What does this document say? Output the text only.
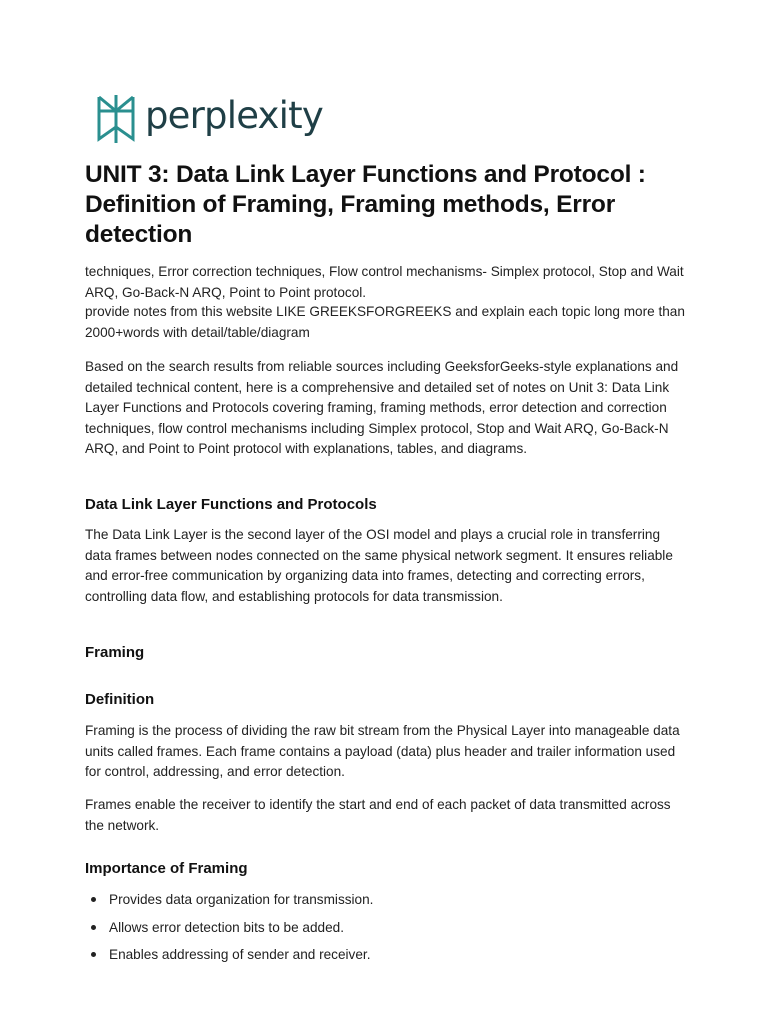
perplexity
UNIT 3: Data Link Layer Functions and Protocol : Definition of Framing, Framing methods, Error detection

techniques, Error correction techniques, Flow control mechanisms- Simplex protocol, Stop and Wait ARQ, Go-Back-N ARQ, Point to Point protocol.

provide notes from this website LIKE GREEKSFORGREEKS and explain each topic long more than 2000+words with detail/table/diagram

Based on the search results from reliable sources including GeeksforGeeks-style explanations and detailed technical content, here is a comprehensive and detailed set of notes on Unit 3: Data Link Layer Functions and Protocols covering framing, framing methods, error detection and correction techniques, flow control mechanisms including Simplex protocol, Stop and Wait ARQ, Go-Back-N ARQ, and Point to Point protocol with explanations, tables, and diagrams.

Data Link Layer Functions and Protocols

The Data Link Layer is the second layer of the OSI model and plays a crucial role in transferring data frames between nodes connected on the same physical network segment. It ensures reliable and error-free communication by organizing data into frames, detecting and correcting errors, controlling data flow, and establishing protocols for data transmission.

Framing
Definition

Framing is the process of dividing the raw bit stream from the Physical Layer into manageable data units called frames. Each frame contains a payload (data) plus header and trailer information used for control, addressing, and error detection.

Frames enable the receiver to identify the start and end of each packet of data transmitted across the network.

Importance of Framing
Provides data organization for transmission.
Allows error detection bits to be added.
Enables addressing of sender and receiver.
